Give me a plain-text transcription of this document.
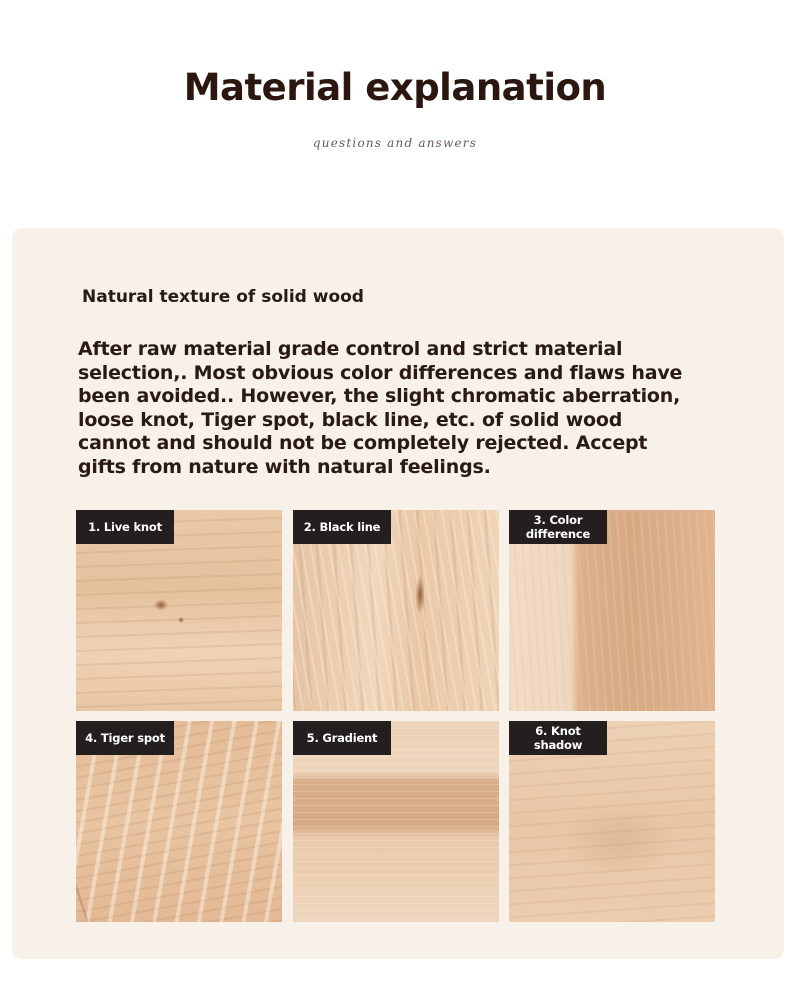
Material explanation
questions and answers
Natural texture of solid wood
After raw material grade control and strict material selection,. Most obvious color differences and flaws have been avoided.. However, the slight chromatic aberration, loose knot, Tiger spot, black line, etc. of solid wood cannot and should not be completely rejected. Accept gifts from nature with natural feelings.
1. Live knot	2. Black line	3. Color difference
4. Tiger spot	5. Gradient	6. Knot shadow
